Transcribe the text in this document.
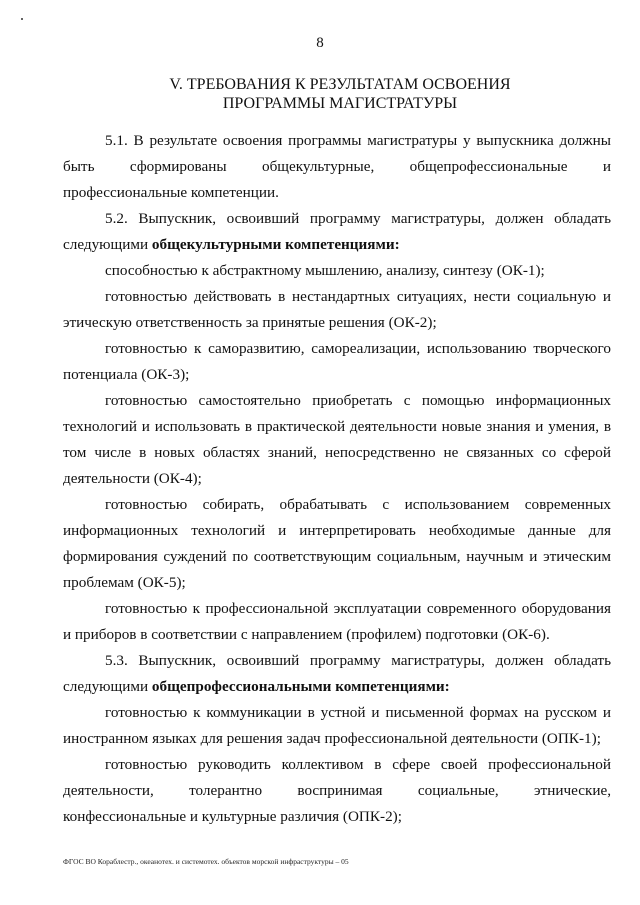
8
V. ТРЕБОВАНИЯ К РЕЗУЛЬТАТАМ ОСВОЕНИЯ
ПРОГРАММЫ МАГИСТРАТУРЫ

5.1. В результате освоения программы магистратуры у выпускника должны быть сформированы общекультурные, общепрофессиональные и профессиональные компетенции.

5.2. Выпускник, освоивший программу магистратуры, должен обладать следующими общекультурными компетенциями:

способностью к абстрактному мышлению, анализу, синтезу (ОК-1);

готовностью действовать в нестандартных ситуациях, нести социальную и этическую ответственность за принятые решения (ОК-2);

готовностью к саморазвитию, самореализации, использованию творческого потенциала (ОК-3);

готовностью самостоятельно приобретать с помощью информационных технологий и использовать в практической деятельности новые знания и умения, в том числе в новых областях знаний, непосредственно не связанных со сферой деятельности (ОК-4);

готовностью собирать, обрабатывать с использованием современных информационных технологий и интерпретировать необходимые данные для формирования суждений по соответствующим социальным, научным и этическим проблемам (ОК-5);

готовностью к профессиональной эксплуатации современного оборудования и приборов в соответствии с направлением (профилем) подготовки (ОК-6).

5.3. Выпускник, освоивший программу магистратуры, должен обладать следующими общепрофессиональными компетенциями:

готовностью к коммуникации в устной и письменной формах на русском и иностранном языках для решения задач профессиональной деятельности (ОПК-1);

готовностью руководить коллективом в сфере своей профессиональной деятельности, толерантно воспринимая социальные, этнические, конфессиональные и культурные различия (ОПК-2);

ФГОС ВО Кораблестр., океанотех. и системотех. объектов морской инфраструктуры – 05
